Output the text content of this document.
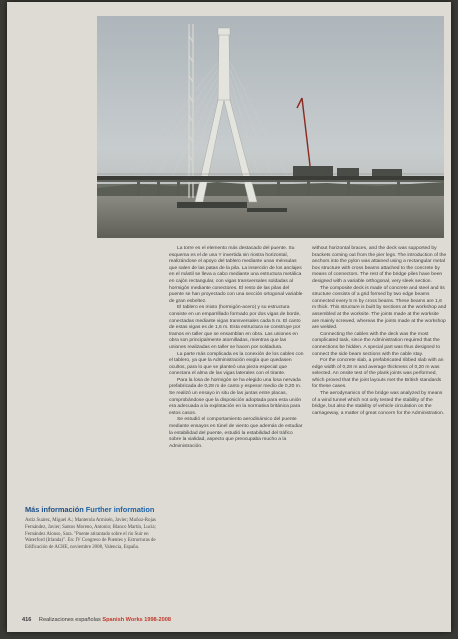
La torre es el elemento más destacado del puente. Su esquema es el de una Y invertida sin riostra horizontal, realizándose el apoyo del tablero mediante unas ménsulas que salen de las patas de la pila. La inserción de los anclajes en el mástil se lleva a cabo mediante una estructura metálica en cajón rectangular, con vigas transversales soldadas al hormigón mediante conectores. El resto de las pilas del puente se han proyectado con una sección ortogonal variable de gran esbeltez.

El tablero es mixto (hormigón-acero) y su estructura consiste en un emparrillado formado por dos vigas de borde, conectadas mediante vigas transversales cada 5 m. El canto de estas vigas es de 1,6 m. Esta estructura se construye por tramos en taller que se ensamblan en obra. Las uniones en obra son principalmente atornilladas, mientras que las uniones realizadas en taller se hacen por soldadura.

La parte más complicada es la conexión de los cables con el tablero, ya que la Administración exigía que quedasen ocultos, para lo que se planteó una pieza especial que conectara el alma de las vigas laterales con el tirante.

Para la losa de hormigón se ha elegido una losa nervada prefabricada de 0,28 m de canto y espesor medio de 0,20 m. Se realizó un ensayo in situ de las juntas entre placas, comprobándose que la disposición adoptada para esta unión era adecuada a la explotación en la normativa británica para estos casos.

Se estudió el comportamiento aerodinámico del puente mediante ensayos en túnel de viento que además de estudiar la estabilidad del puente, estudió la estabilidad del tráfico sobre la vialidad, aspecto que preocupaba mucho a la Administración.

without horizontal braces, and the deck was supported by brackets coming out from the pier legs. The introduction of the anchors into the pylon was attained using a rectangular metal box structure with cross beams attached to the concrete by means of connectors. The rest of the bridge piles have been designed with a variable orthogonal, very sleek section.

The composite deck is made of concrete and steel and its structure consists of a grid formed by two edge beams connected every 5 m by cross beams. These beams are 1,6 m thick. This structure is built by sections at the workshop and assembled at the worksite. The joints made at the worksite are mainly screwed, whereas the joints made at the workshop are welded.

Connecting the cables with the deck was the most complicated task, since the Administration required that the connections be hidden. A special part was thus designed to connect the side beam sections with the cable stay.

For the concrete slab, a prefabricated ribbed slab with an edge width of 0,28 m and average thickness of 0,20 m was selected. An onsite test of the plank joints was performed, which proved that the joint layouts met the British standards for these cases.

The aerodynamics of the bridge was analyzed by means of a wind tunnel which not only tested the stability of the bridge, but also the stability of vehicle circulation on the carriageway, a matter of great concern for the Administration.

Más información Further information
Astiz Suárez, Miguel A.; Manterola Armisén, Javier; Muñoz-Rojas Fernández, Javier; Santos Moreno, Antonio; Blanco Martín, Lucía; Fernández Alonso, Sara. "Puente atirantado sobre el río Suir en Waterford (Irlanda)". En: IV Congreso de Puentes y Estructuras de Edificación de ACHE, noviembre 2008, Valencia, España.
416 Realizaciones españolas Spanish Works 1998-2008
